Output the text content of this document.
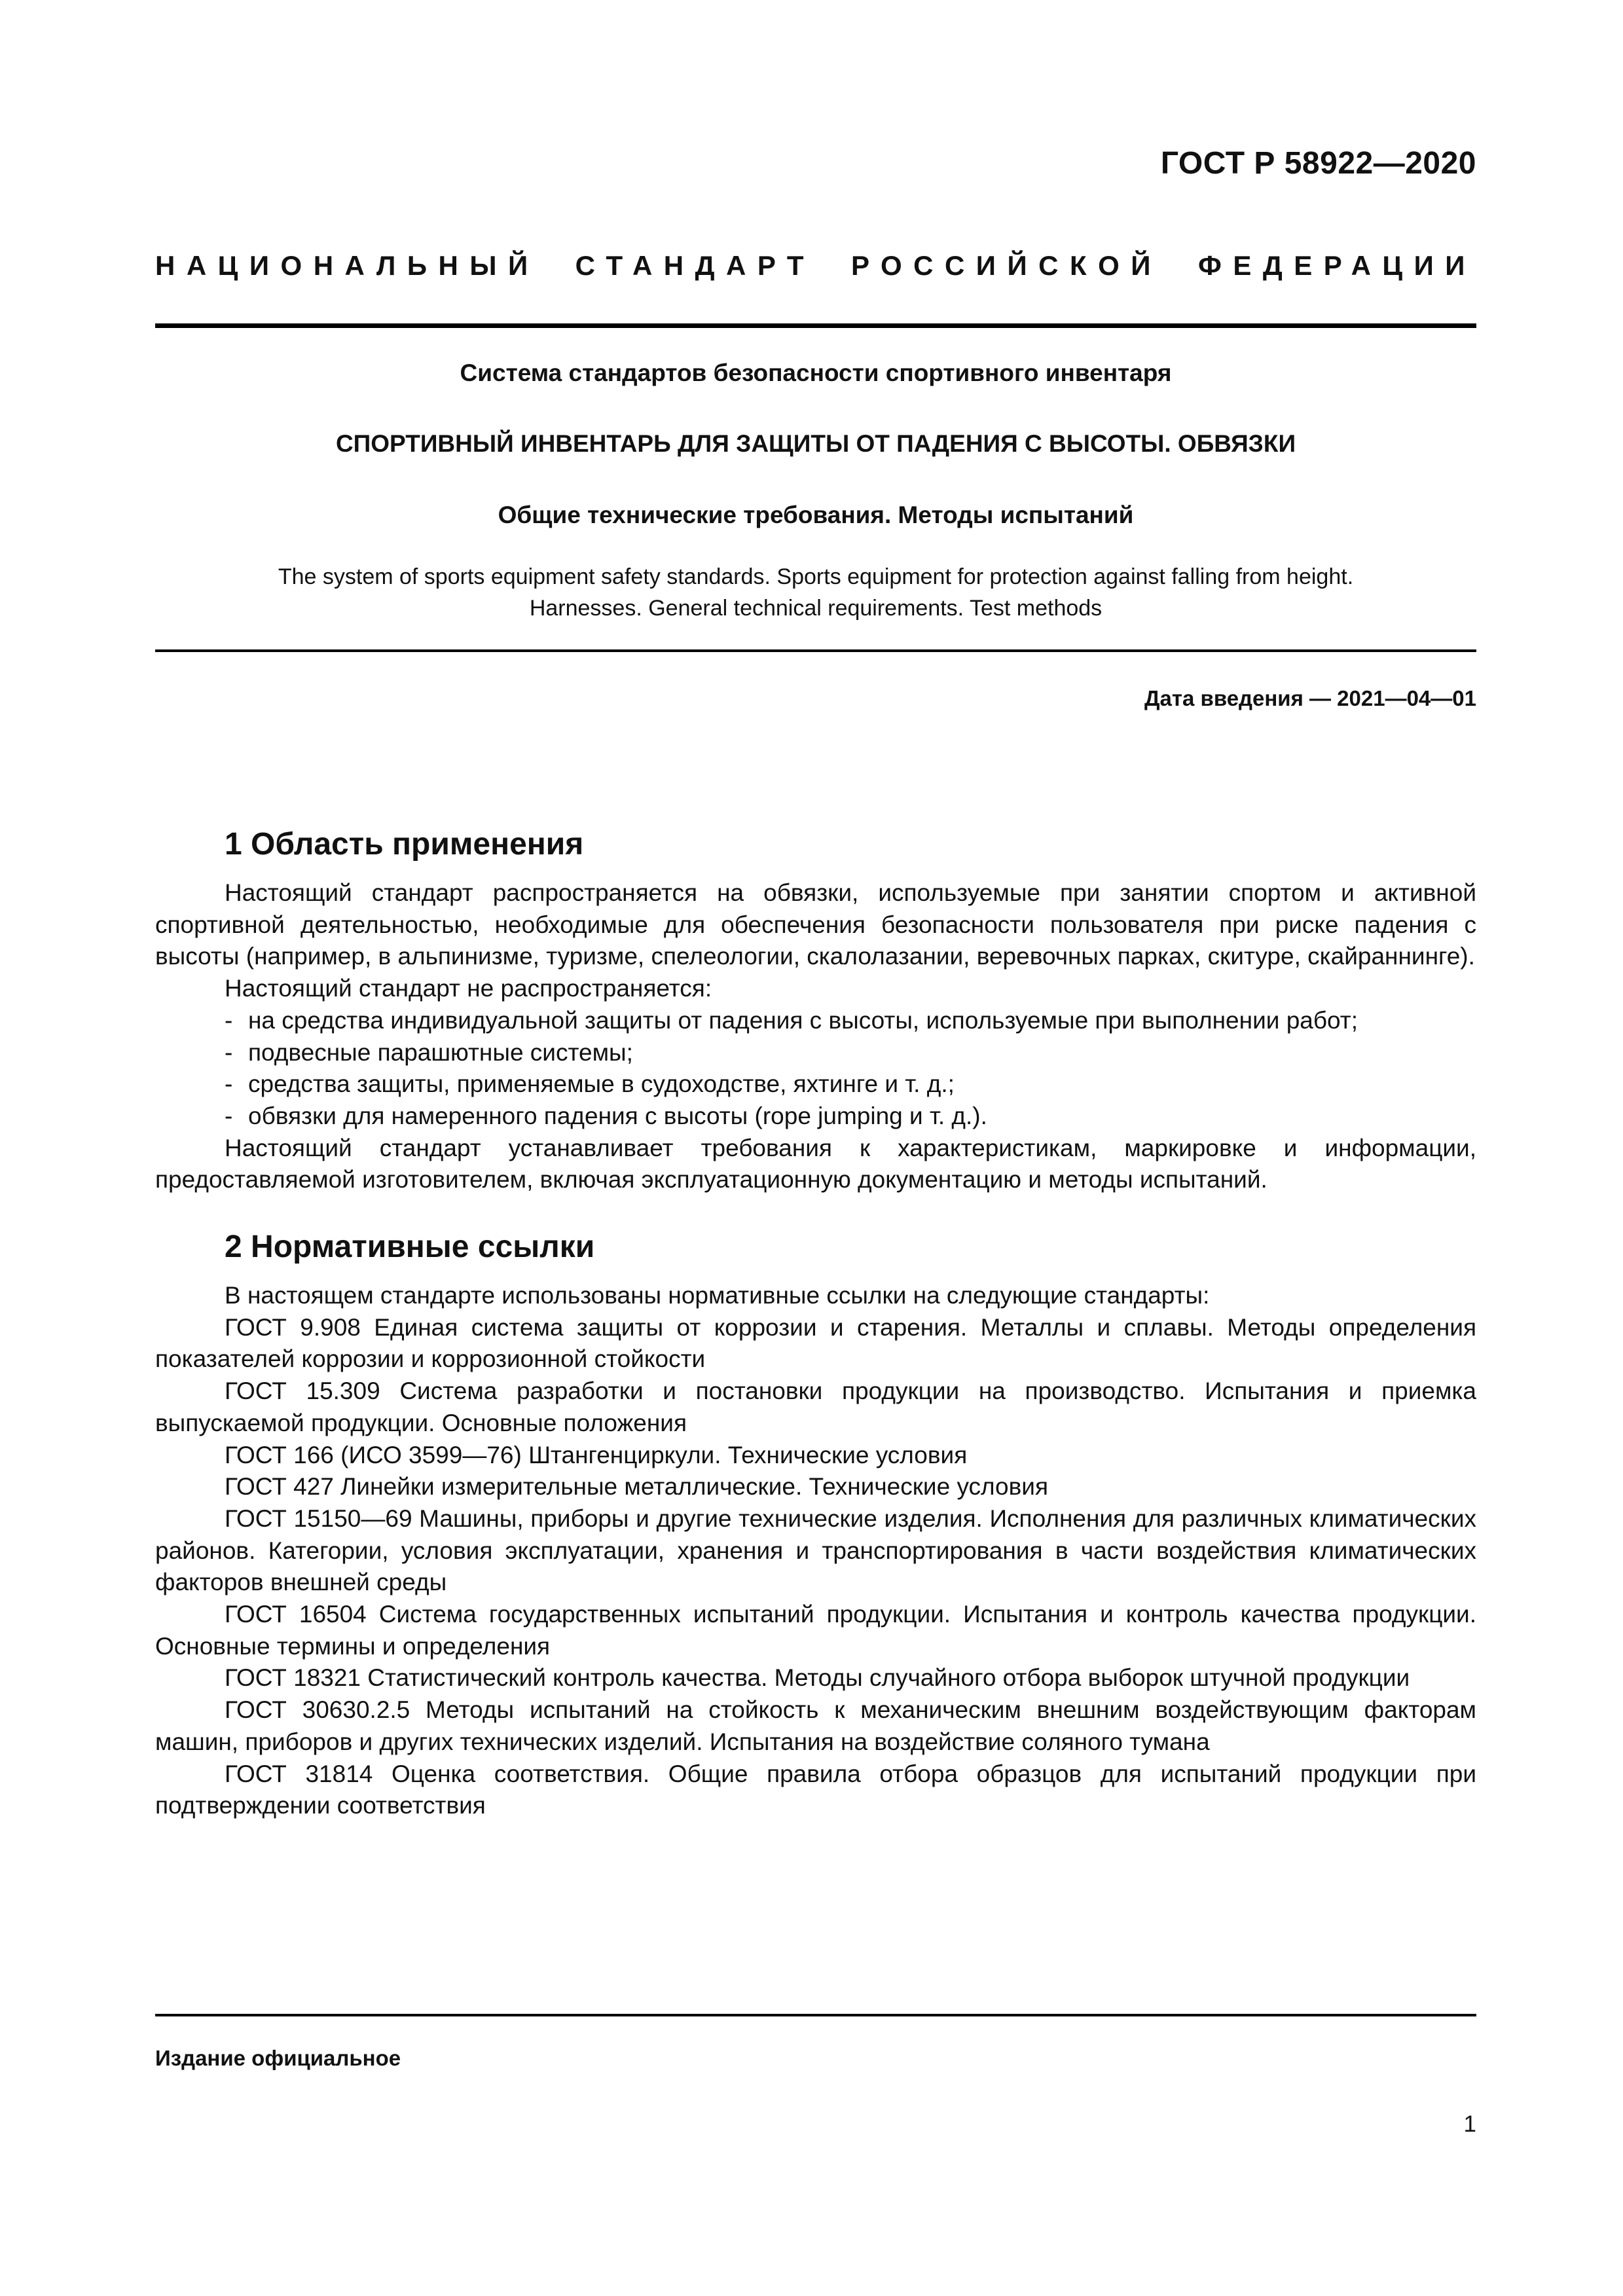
ГОСТ Р 58922—2020
НАЦИОНАЛЬНЫЙ СТАНДАРТ РОССИЙСКОЙ ФЕДЕРАЦИИ
Система стандартов безопасности спортивного инвентаря
СПОРТИВНЫЙ ИНВЕНТАРЬ ДЛЯ ЗАЩИТЫ ОТ ПАДЕНИЯ С ВЫСОТЫ. ОБВЯЗКИ
Общие технические требования. Методы испытаний
The system of sports equipment safety standards. Sports equipment for protection against falling from height.
Harnesses. General technical requirements. Test methods
Дата введения — 2021—04—01
1 Область применения

Настоящий стандарт распространяется на обвязки, используемые при занятии спортом и активной спортивной деятельностью, необходимые для обеспечения безопасности пользователя при риске падения с высоты (например, в альпинизме, туризме, спелеологии, скалолазании, веревочных парках, скитуре, скайраннинге).

Настоящий стандарт не распространяется:

- на средства индивидуальной защиты от падения с высоты, используемые при выполнении работ;

- подвесные парашютные системы;

- средства защиты, применяемые в судоходстве, яхтинге и т. д.;

- обвязки для намеренного падения с высоты (rope jumping и т. д.).

Настоящий стандарт устанавливает требования к характеристикам, маркировке и информации, предоставляемой изготовителем, включая эксплуатационную документацию и методы испытаний.

2 Нормативные ссылки

В настоящем стандарте использованы нормативные ссылки на следующие стандарты:

ГОСТ 9.908 Единая система защиты от коррозии и старения. Металлы и сплавы. Методы определения показателей коррозии и коррозионной стойкости

ГОСТ 15.309 Система разработки и постановки продукции на производство. Испытания и приемка выпускаемой продукции. Основные положения

ГОСТ 166 (ИСО 3599—76) Штангенциркули. Технические условия

ГОСТ 427 Линейки измерительные металлические. Технические условия

ГОСТ 15150—69 Машины, приборы и другие технические изделия. Исполнения для различных климатических районов. Категории, условия эксплуатации, хранения и транспортирования в части воздействия климатических факторов внешней среды

ГОСТ 16504 Система государственных испытаний продукции. Испытания и контроль качества продукции. Основные термины и определения

ГОСТ 18321 Статистический контроль качества. Методы случайного отбора выборок штучной продукции

ГОСТ 30630.2.5 Методы испытаний на стойкость к механическим внешним воздействующим факторам машин, приборов и других технических изделий. Испытания на воздействие соляного тумана

ГОСТ 31814 Оценка соответствия. Общие правила отбора образцов для испытаний продукции при подтверждении соответствия

Издание официальное
1
